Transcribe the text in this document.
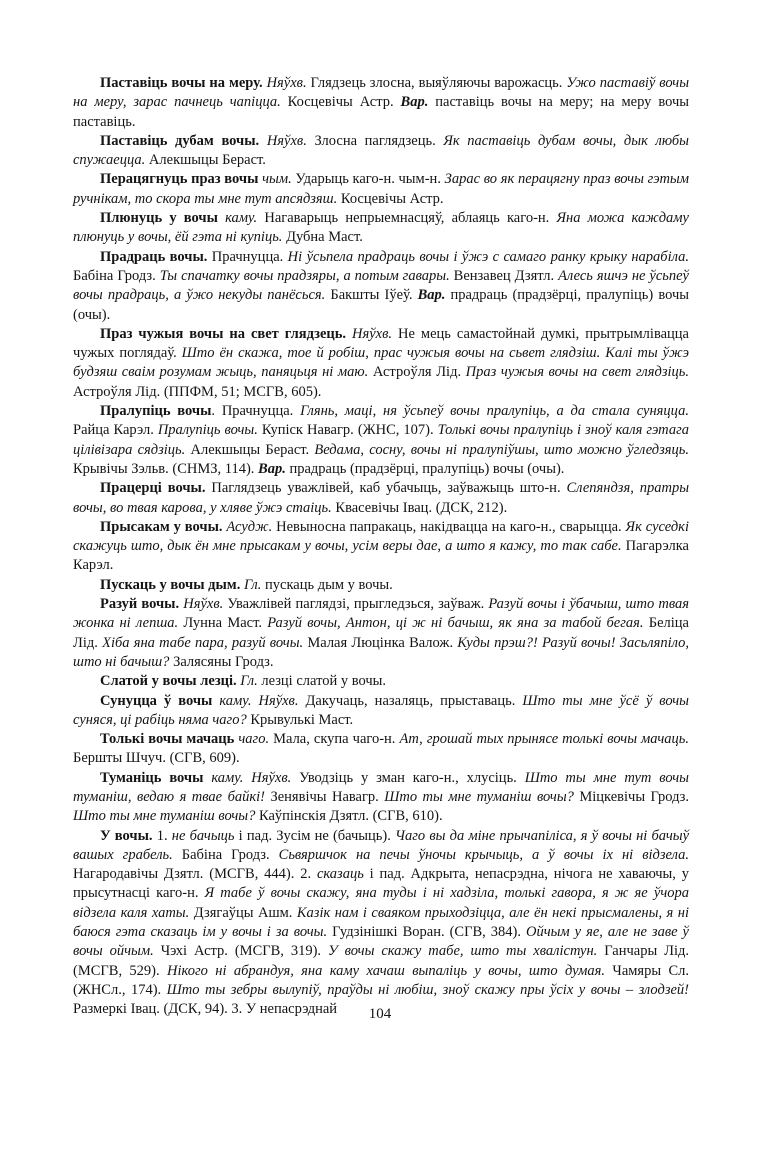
Паставіць вочы на меру. Няўхв. Глядзець злосна, выяўляючы варожасць. Ужо паставіў вочы на меру, зарас пачнець чапіцца. Косцевічы Астр. Вар. паставіць вочы на меру; на меру вочы паставіць.

Паставіць дубам вочы. Няўхв. Злосна паглядзець. Як паставіць дубам вочы, дык любы спужаецца. Алекшыцы Бераст.

Перацягнуць праз вочы чым. Ударыць каго-н. чым-н. Зарас во як перацягну праз вочы гэтым ручнікам, то скора ты мне тут апсядзяш. Косцевічы Астр.

Плюнуць у вочы каму. Нагаварыць непрыемнасцяў, аблаяць каго-н. Яна можа каждаму плюнуць у вочы, ёй гэта ні купіць. Дубна Маст.

Прадраць вочы. Прачнуцца. Ні ўсьпела прадраць вочы і ўжэ с самаго ранку крыку нарабіла. Бабіна Гродз. Ты спачатку вочы прадзяры, а потым гавары. Вензавец Дзятл. Алесь яшчэ не ўсьпеў вочы прадраць, а ўжо некуды панёсься. Бакшты Іўеў. Вар. прадраць (прадзёрці, пралупіць) вочы (очы).

Праз чужыя вочы на свет глядзець. Няўхв. Не мець самастойнай думкі, прытрымлівацца чужых поглядаў. Што ён скажа, тое й робіш, прас чужыя вочы на сьвет глядзіш. Калі ты ўжэ будзяш сваім розумам жыць, паняцьця ні маю. Астроўля Лід. Праз чужыя вочы на свет глядзіць. Астроўля Лід. (ППФМ, 51; МСГВ, 605).

Пралупіць вочы. Прачнуцца. Глянь, маці, ня ўсьпеў вочы пралупіць, а да стала суняцца. Райца Карэл. Пралупіць вочы. Купіск Навагр. (ЖНС, 107). Толькі вочы пралупіць і зноў каля гэтага цілівізара сядзіць. Алекшыцы Бераст. Ведама, сосну, вочы ні пралупіўшы, што можно ўгледзяць. Крывічы Зэльв. (СНМЗ, 114). Вар. прадраць (прадзёрці, пралупіць) вочы (очы).

Працерці вочы. Паглядзець уважлівей, каб убачыць, заўважыць што-н. Слепяндзя, пратры вочы, во твая карова, у хляве ўжэ стаіць. Квасевічы Івац. (ДСК, 212).

Прысакам у вочы. Асудж. Невыносна папракаць, накідвацца на каго-н., сварыцца. Як суседкі скажуць што, дык ён мне прысакам у вочы, усім веры дае, а што я кажу, то так сабе. Пагарэлка Карэл.

Пускаць у вочы дым. Гл. пускаць дым у вочы.

Разуй вочы. Няўхв. Уважлівей паглядзі, прыгледзься, заўваж. Разуй вочы і ўбачыш, што твая жонка ні лепша. Лунна Маст. Разуй вочы, Антон, ці ж ні бачыш, як яна за табой бегая. Беліца Лід. Хіба яна табе пара, разуй вочы. Малая Люцінка Валож. Куды прэш?! Разуй вочы! Засьляпіло, што ні бачыш? Залясяны Гродз.

Слатой у вочы лезці. Гл. лезці слатой у вочы.

Сунуцца ў вочы каму. Няўхв. Дакучаць, назаляць, прыставаць. Што ты мне ўсё ў вочы суняся, ці рабіць няма чаго? Крывулькі Маст.

Толькі вочы мачаць чаго. Мала, скупа чаго-н. Ат, грошай тых прынясе толькі вочы мачаць. Бершты Шчуч. (СГВ, 609).

Туманіць вочы каму. Няўхв. Уводзіць у зман каго-н., хлусіць. Што ты мне тут вочы туманіш, ведаю я твае байкі! Зенявічы Навагр. Што ты мне туманіш вочы? Міцкевічы Гродз. Што ты мне туманіш вочы? Каўпінскія Дзятл. (СГВ, 610).

У вочы. 1. не бачыць і пад. Зусім не (бачыць). Чаго вы да міне прычапіліса, я ў вочы ні бачыў вашых грабель. Бабіна Гродз. Сьвяршчок на печы ўночы крычыць, а ў вочы іх ні відзела. Нагародавічы Дзятл. (МСГВ, 444). 2. сказаць і пад. Адкрыта, непасрэдна, нічога не хаваючы, у прысутнасці каго-н. Я табе ў вочы скажу, яна туды і ні хадзіла, толькі гавора, я ж яе ўчора відзела каля хаты. Дзягаўцы Ашм. Казік нам і сваяком прыходзіцца, але ён некі прысмалены, я ні баюся гэта сказаць ім у вочы і за вочы. Гудзінішкі Воран. (СГВ, 384). Ойчым у яе, але не заве ў вочы ойчым. Чэхі Астр. (МСГВ, 319). У вочы скажу табе, што ты хвалістун. Ганчары Лід. (МСГВ, 529). Нікого ні абрандуя, яна каму хачаш выпаліць у вочы, што думая. Чамяры Сл. (ЖНСл., 174). Што ты зебры вылупіў, праўды ні любіш, зноў скажу пры ўсіх у вочы – злодзей! Размеркі Івац. (ДСК, 94). 3. У непасрэднай	104
